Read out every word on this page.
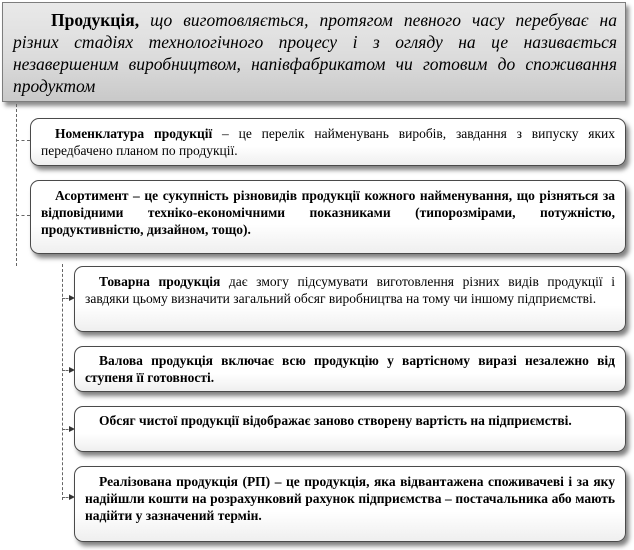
Продукція, що виготовляється, протягом певного часу перебуває на різних стадіях технологічного процесу і з огляду на це називається незавершеним виробництвом, напівфабрикатом чи готовим до споживання продуктом

Номенклатура продукції – це перелік найменувань виробів, завдання з випуску яких передбачено планом по продукції.

Асортимент – це сукупність різновидів продукції кожного найменування, що різняться за відповідними техніко-економічними показниками (типорозмірами, потужністю, продуктивністю, дизайном, тощо).

Товарна продукція дає змогу підсумувати виготовлення різних видів продукції і завдяки цьому визначити загальний обсяг виробництва на тому чи іншому підприємстві.

Валова продукція включає всю продукцію у вартісному виразі незалежно від ступеня її готовності.

Обсяг чистої продукції відображає заново створену вартість на підприємстві.

Реалізована продукція (РП) – це продукція, яка відвантажена споживачеві і за яку надійшли кошти на розрахунковий рахунок підприємства – постачальника або мають надійти у зазначений термін.
